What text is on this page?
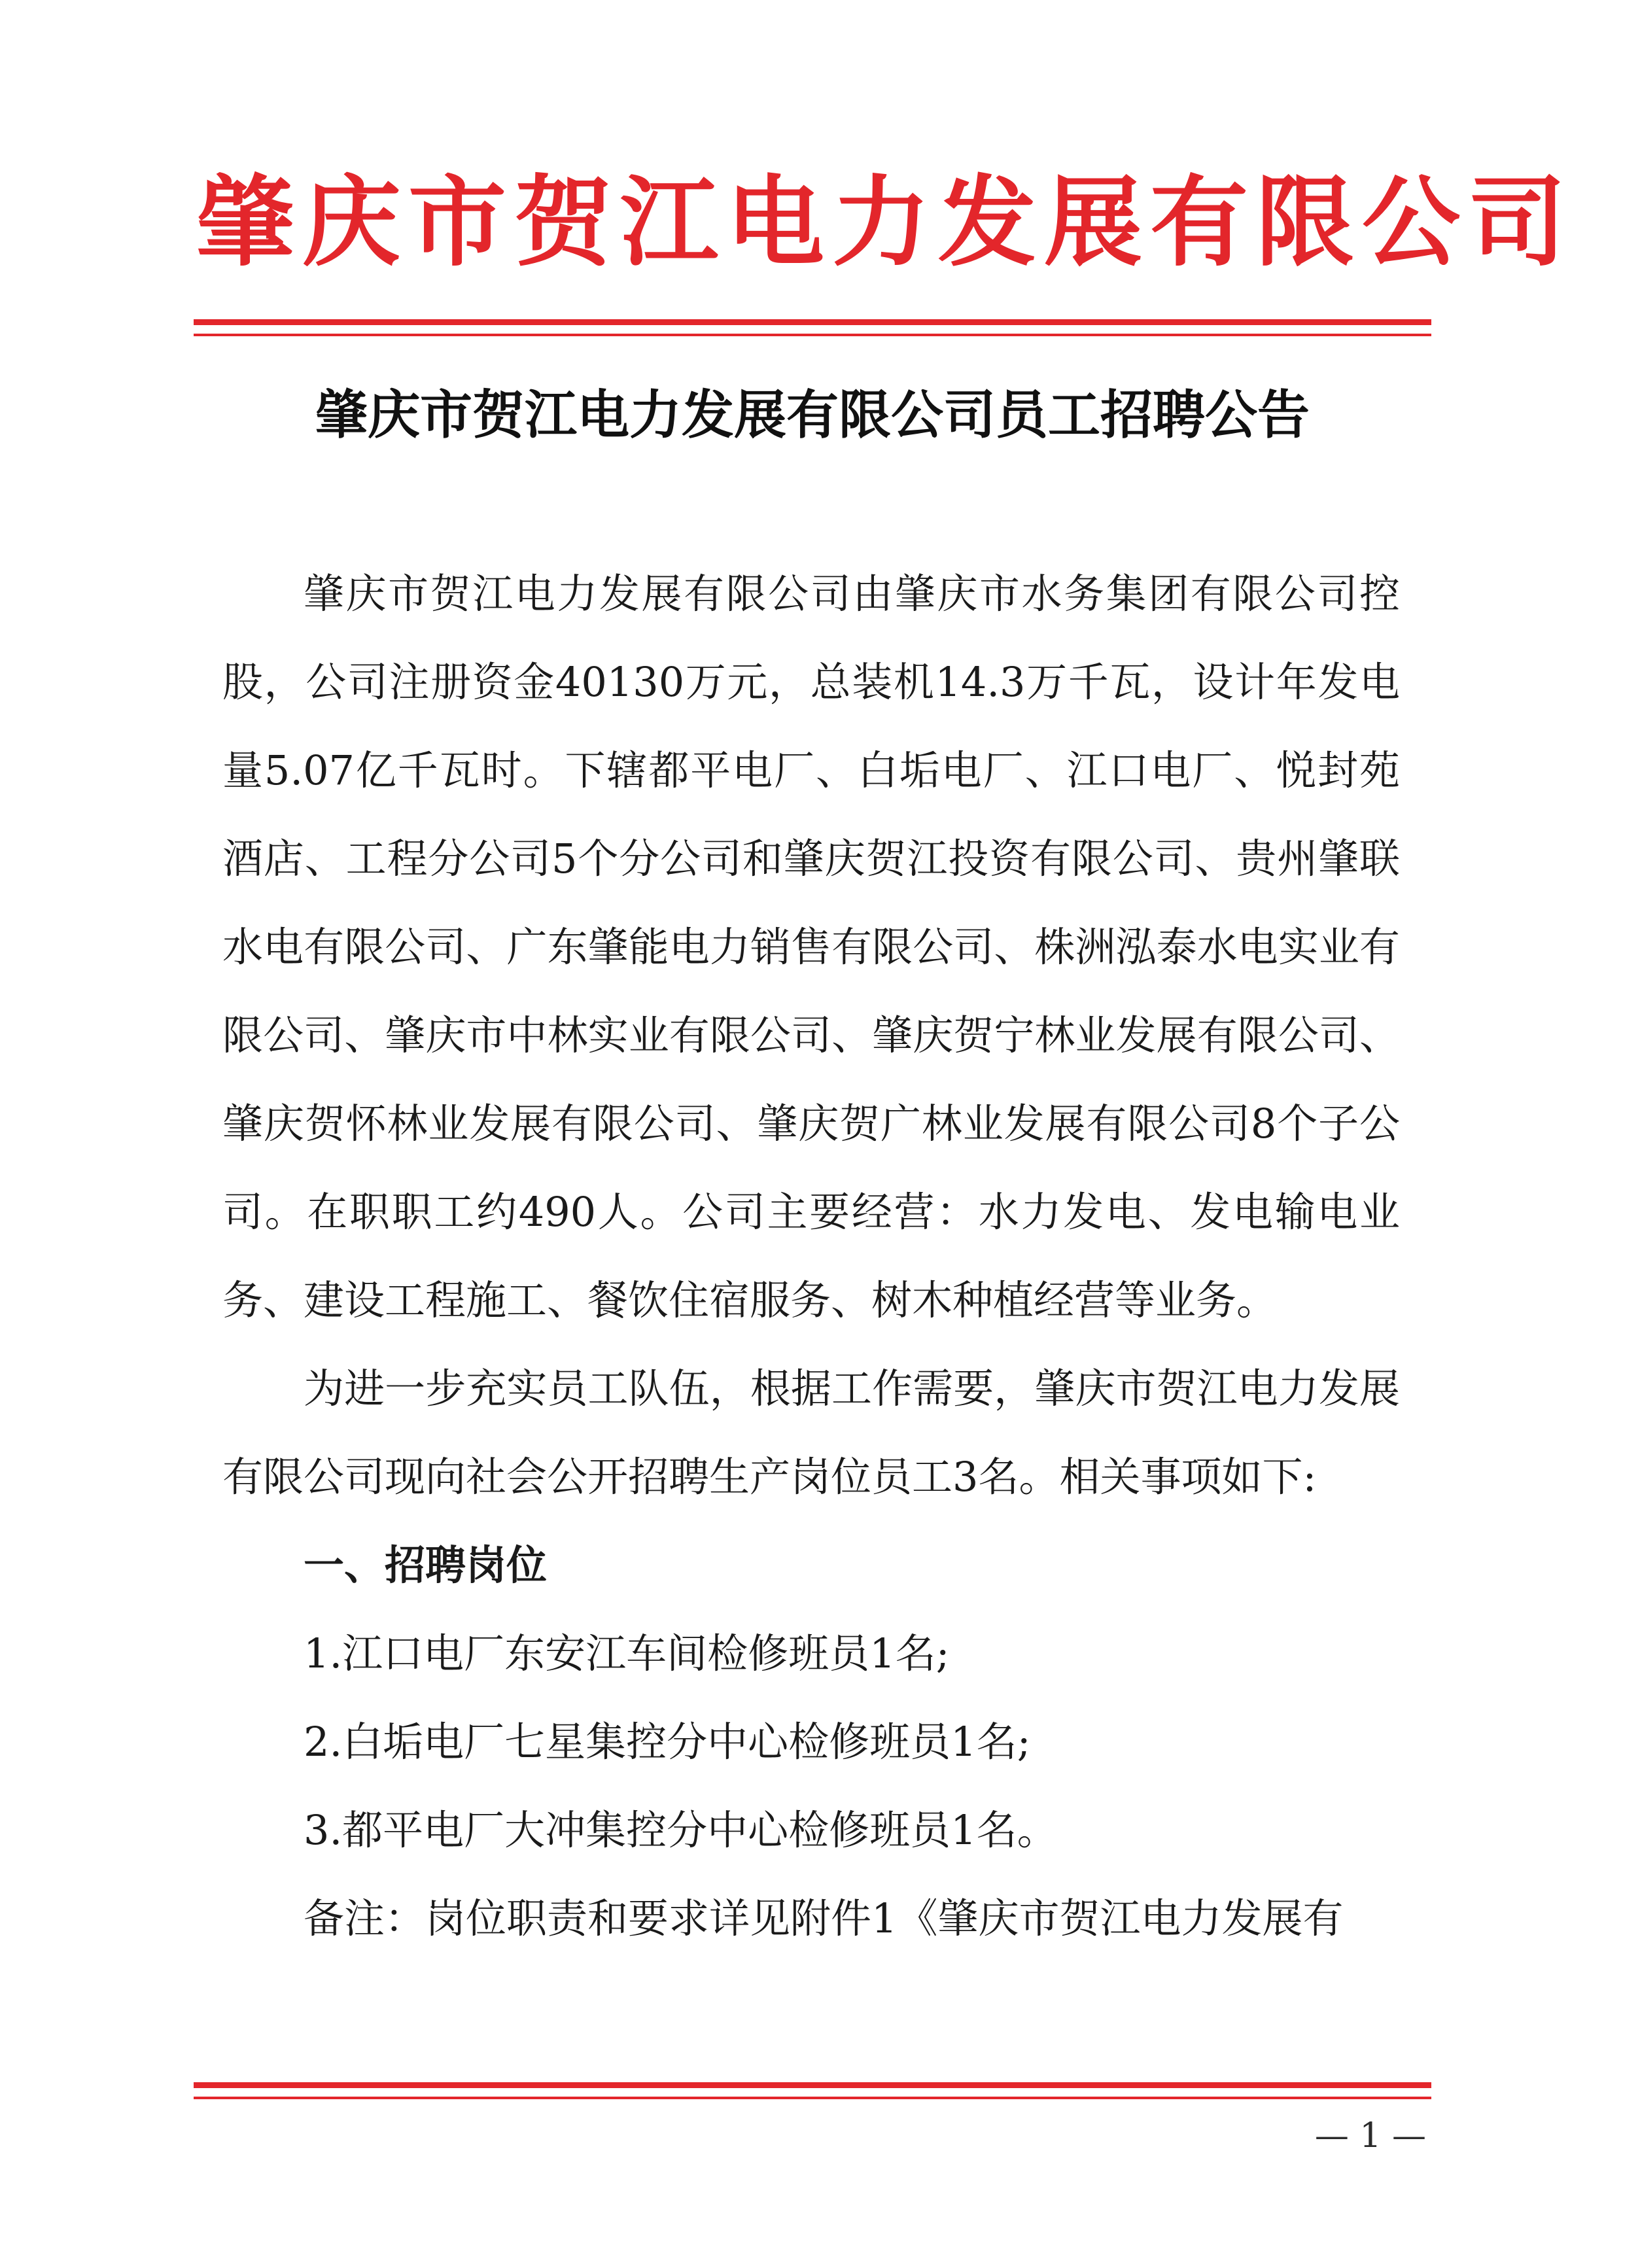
肇庆市贺江电力发展有限公司
肇庆市贺江电力发展有限公司员工招聘公告

肇庆市贺江电力发展有限公司由肇庆市水务集团有限公司控股，公司注册资金40130万元，总装机14.3万千瓦，设计年发电量5.07亿千瓦时。下辖都平电厂、白垢电厂、江口电厂、悦封苑酒店、工程分公司5个分公司和肇庆贺江投资有限公司、贵州肇联水电有限公司、广东肇能电力销售有限公司、株洲泓泰水电实业有限公司、肇庆市中林实业有限公司、肇庆贺宁林业发展有限公司、肇庆贺怀林业发展有限公司、肇庆贺广林业发展有限公司8个子公司。在职职工约490人。公司主要经营：水力发电、发电输电业务、建设工程施工、餐饮住宿服务、树木种植经营等业务。

为进一步充实员工队伍，根据工作需要，肇庆市贺江电力发展有限公司现向社会公开招聘生产岗位员工3名。相关事项如下:

一、招聘岗位

1.江口电厂东安江车间检修班员1名;

2.白垢电厂七星集控分中心检修班员1名;

3.都平电厂大冲集控分中心检修班员1名。

备注：岗位职责和要求详见附件1《肇庆市贺江电力发展有

— 1 —
